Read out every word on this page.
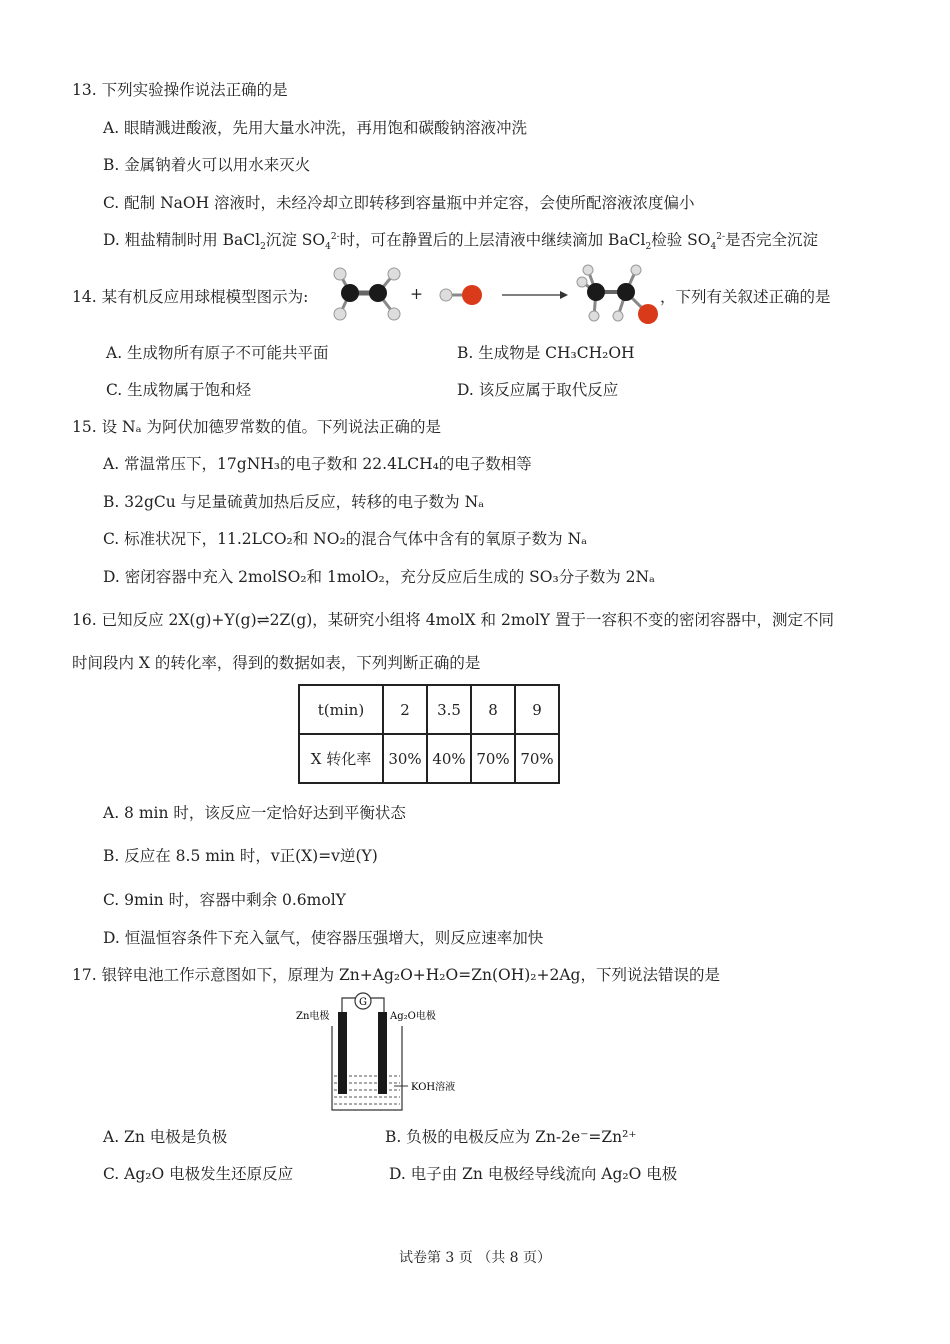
13. 下列实验操作说法正确的是
A. 眼睛溅进酸液，先用大量水冲洗，再用饱和碳酸钠溶液冲洗
B. 金属钠着火可以用水来灭火
C. 配制 NaOH 溶液时，未经冷却立即转移到容量瓶中并定容，会使所配溶液浓度偏小
D. 粗盐精制时用 BaCl$_2$沉淀 $SO_4^{2-}$时，可在静置后的上层清液中继续滴加 BaCl$_2$检验 $SO_4^{2-}$是否完全沉淀
14. 某有机反应用球棍模型图示为:	+	，下列有关叙述正确的是
A. 生成物所有原子不可能共平面	B. 生成物是 CH₃CH₂OH
C. 生成物属于饱和烃	D. 该反应属于取代反应
15. 设 Nₐ 为阿伏加德罗常数的值。下列说法正确的是
A. 常温常压下，17gNH₃的电子数和 22.4LCH₄的电子数相等
B. 32gCu 与足量硫黄加热后反应，转移的电子数为 Nₐ
C. 标准状况下，11.2LCO₂和 NO₂的混合气体中含有的氧原子数为 Nₐ
D. 密闭容器中充入 2molSO₂和 1molO₂，充分反应后生成的 SO₃分子数为 2Nₐ
16. 已知反应 2X(g)+Y(g)⇌2Z(g)，某研究小组将 4molX 和 2molY 置于一容积不变的密闭容器中，测定不同
时间段内 X 的转化率，得到的数据如表，下列判断正确的是
t(min)	2	3.5	8	9
X 转化率	30%	40%	70%	70%
A. 8 min 时，该反应一定恰好达到平衡状态
B. 反应在 8.5 min 时，v正(X)=v逆(Y)
C. 9min 时，容器中剩余 0.6molY
D. 恒温恒容条件下充入氩气，使容器压强增大，则反应速率加快
17. 银锌电池工作示意图如下，原理为 Zn+Ag₂O+H₂O=Zn(OH)₂+2Ag，下列说法错误的是
G
Zn电极	Ag₂O电极
KOH溶液
A. Zn 电极是负极	B. 负极的电极反应为 Zn-2e⁻=Zn²⁺
C. Ag₂O 电极发生还原反应	D. 电子由 Zn 电极经导线流向 Ag₂O 电极
试卷第 3 页 （共 8 页）
